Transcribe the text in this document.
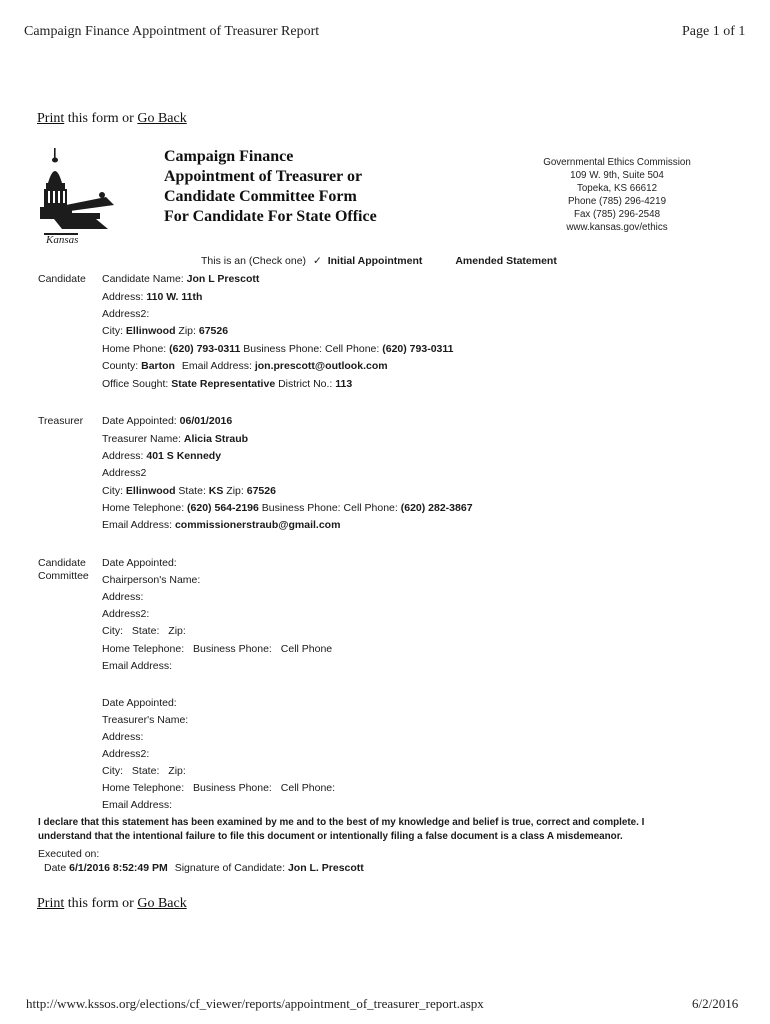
Campaign Finance Appointment of Treasurer Report	Page 1 of 1
Print this form or Go Back
Kansas
Campaign Finance
Appointment of Treasurer or
Candidate Committee Form
For Candidate For State Office
Governmental Ethics Commission
109 W. 9th, Suite 504
Topeka, KS 66612
Phone (785) 296-4219
Fax (785) 296-2548
www.kansas.gov/ethics
This is an (Check one) ✓ Initial Appointment	Amended Statement
Candidate Candidate Name: Jon L Prescott
Address: 110 W. 11th
Address2:
City: Ellinwood Zip: 67526
Home Phone: (620) 793-0311 Business Phone: Cell Phone: (620) 793-0311
County: Barton Email Address: jon.prescott@outlook.com
Office Sought: State Representative District No.: 113
Treasurer Date Appointed: 06/01/2016
Treasurer Name: Alicia Straub
Address: 401 S Kennedy
Address2
City: Ellinwood State: KS Zip: 67526
Home Telephone: (620) 564-2196 Business Phone: Cell Phone: (620) 282-3867
Email Address: commissionerstraub@gmail.com
Candidate
Committee
Date Appointed:
Chairperson's Name:
Address:
Address2:
City: State: Zip:
Home Telephone: Business Phone: Cell Phone
Email Address:
Date Appointed:
Treasurer's Name:
Address:
Address2:
City: State: Zip:
Home Telephone: Business Phone: Cell Phone:
Email Address:
I declare that this statement has been examined by me and to the best of my knowledge and belief is true, correct and complete. I
understand that the intentional failure to file this document or intentionally filing a false document is a class A misdemeanor.
Executed on:
Date 6/1/2016 8:52:49 PM Signature of Candidate: Jon L. Prescott
Print this form or Go Back
http://www.kssos.org/elections/cf_viewer/reports/appointment_of_treasurer_report.aspx	6/2/2016
